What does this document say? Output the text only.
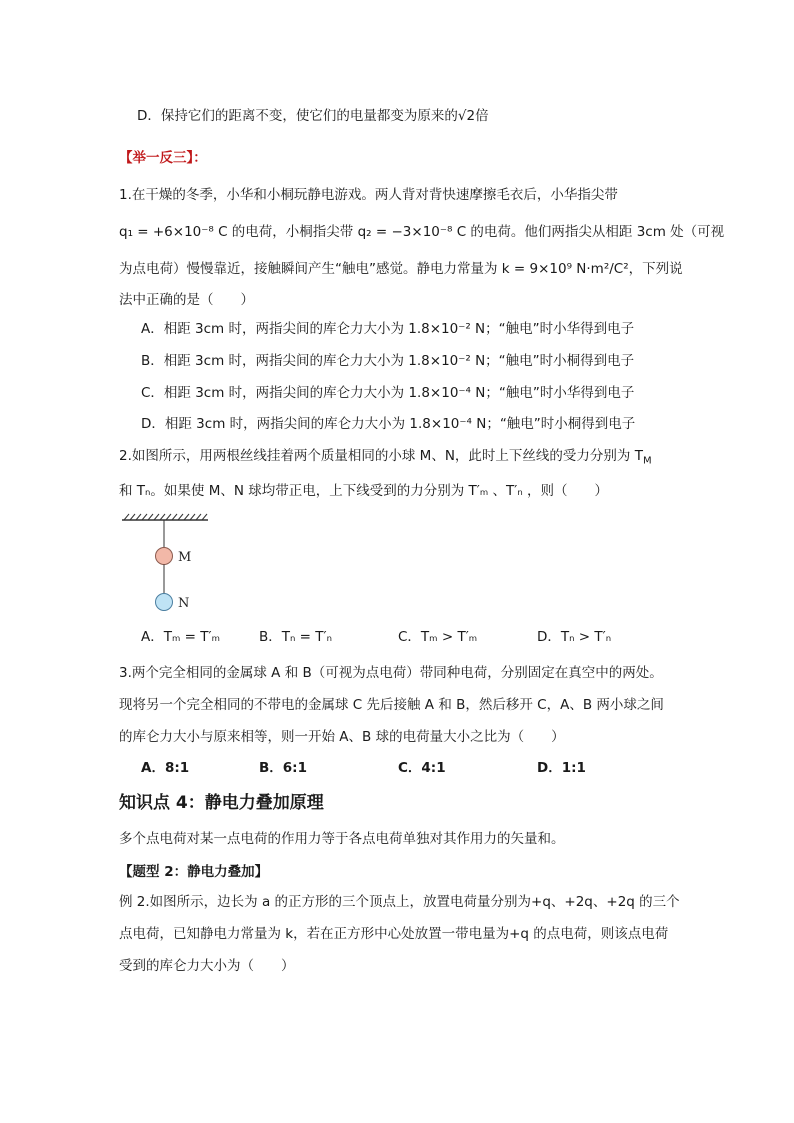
D．保持它们的距离不变，使它们的电量都变为原来的√2倍
【举一反三】：
1.在干燥的冬季，小华和小桐玩静电游戏。两人背对背快速摩擦毛衣后，小华指尖带
q₁ = +6×10⁻⁸ C 的电荷，小桐指尖带 q₂ = −3×10⁻⁸ C 的电荷。他们两指尖从相距 3cm 处（可视
为点电荷）慢慢靠近，接触瞬间产生“触电”感觉。静电力常量为 k = 9×10⁹ N·m²/C²，下列说
法中正确的是（　　）
A．相距 3cm 时，两指尖间的库仑力大小为 1.8×10⁻² N；“触电”时小华得到电子
B．相距 3cm 时，两指尖间的库仑力大小为 1.8×10⁻² N；“触电”时小桐得到电子
C．相距 3cm 时，两指尖间的库仑力大小为 1.8×10⁻⁴ N；“触电”时小华得到电子
D．相距 3cm 时，两指尖间的库仑力大小为 1.8×10⁻⁴ N；“触电”时小桐得到电子
2.如图所示，用两根丝线挂着两个质量相同的小球 M、N，此时上下丝线的受力分别为 $T_M$
和 Tₙ。如果使 M、N 球均带正电，上下线受到的力分别为 T′ₘ 、T′ₙ ，则（　　）
M
N
A．Tₘ = T′ₘ	B．Tₙ = T′ₙ	C．Tₘ > T′ₘ	D．Tₙ > T′ₙ
3.两个完全相同的金属球 A 和 B（可视为点电荷）带同种电荷，分别固定在真空中的两处。
现将另一个完全相同的不带电的金属球 C 先后接触 A 和 B，然后移开 C，A、B 两小球之间
的库仑力大小与原来相等，则一开始 A、B 球的电荷量大小之比为（　　）
A．8:1	B．6:1	C．4:1	D．1:1
知识点 4：静电力叠加原理
多个点电荷对某一点电荷的作用力等于各点电荷单独对其作用力的矢量和。
【题型 2：静电力叠加】
例 2.如图所示，边长为 a 的正方形的三个顶点上，放置电荷量分别为+q、+2q、+2q 的三个
点电荷，已知静电力常量为 k，若在正方形中心处放置一带电量为+q 的点电荷，则该点电荷
受到的库仑力大小为（　　）
